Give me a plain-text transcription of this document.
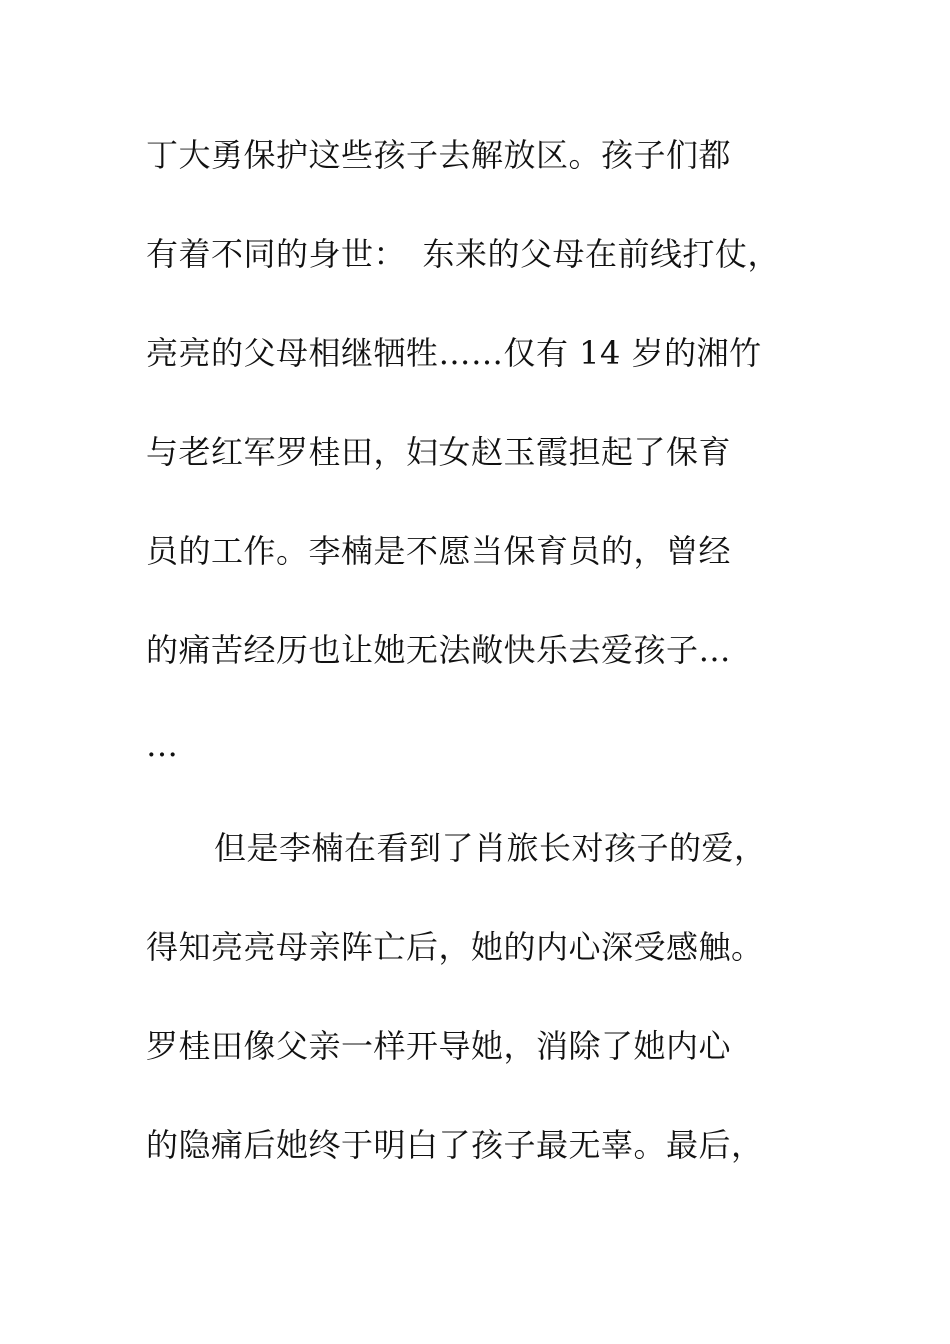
丁大勇保护这些孩子去解放区。孩子们都
有着不同的身世：　东来的父母在前线打仗，
亮亮的父母相继牺牲……仅有 14 岁的湘竹
与老红军罗桂田，妇女赵玉霞担起了保育
员的工作。李楠是不愿当保育员的，曾经
的痛苦经历也让她无法敞快乐去爱孩子…
…
但是李楠在看到了肖旅长对孩子的爱，
得知亮亮母亲阵亡后，她的内心深受感触。
罗桂田像父亲一样开导她，消除了她内心
的隐痛后她终于明白了孩子最无辜。最后，
